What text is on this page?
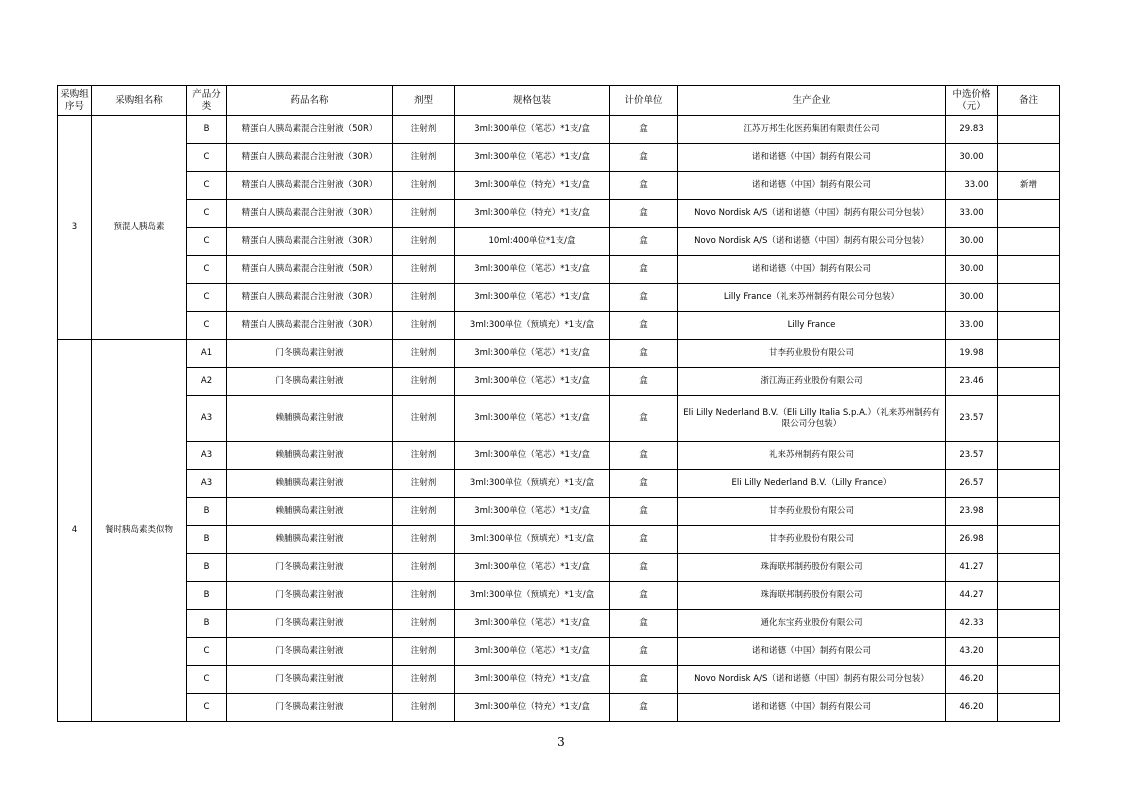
采购组序号	采购组名称	产品分类	药品名称	剂型	规格包装	计价单位	生产企业	中选价格（元）	备注
3	预混人胰岛素	B	精蛋白人胰岛素混合注射液（50R）	注射剂	3ml:300单位（笔芯）*1支/盒	盒	江苏万邦生化医药集团有限责任公司	29.83	
		C	精蛋白人胰岛素混合注射液（30R）	注射剂	3ml:300单位（笔芯）*1支/盒	盒	诺和诺德（中国）制药有限公司	30.00	
		C	精蛋白人胰岛素混合注射液（30R）	注射剂	3ml:300单位（特充）*1支/盒	盒	诺和诺德（中国）制药有限公司	33.00	新增
		C	精蛋白人胰岛素混合注射液（30R）	注射剂	3ml:300单位（特充）*1支/盒	盒	Novo Nordisk A/S（诺和诺德（中国）制药有限公司分包装）	33.00	
		C	精蛋白人胰岛素混合注射液（30R）	注射剂	10ml:400单位*1支/盒	盒	Novo Nordisk A/S（诺和诺德（中国）制药有限公司分包装）	30.00	
		C	精蛋白人胰岛素混合注射液（50R）	注射剂	3ml:300单位（笔芯）*1支/盒	盒	诺和诺德（中国）制药有限公司	30.00	
		C	精蛋白人胰岛素混合注射液（30R）	注射剂	3ml:300单位（笔芯）*1支/盒	盒	Lilly France（礼来苏州制药有限公司分包装）	30.00	
		C	精蛋白人胰岛素混合注射液（30R）	注射剂	3ml:300单位（预填充）*1支/盒	盒	Lilly France	33.00	
4	餐时胰岛素类似物	A1	门冬胰岛素注射液	注射剂	3ml:300单位（笔芯）*1支/盒	盒	甘李药业股份有限公司	19.98	
		A2	门冬胰岛素注射液	注射剂	3ml:300单位（笔芯）*1支/盒	盒	浙江海正药业股份有限公司	23.46	
		A3	赖脯胰岛素注射液	注射剂	3ml:300单位（笔芯）*1支/盒	盒	Eli Lilly Nederland B.V.（Eli Lilly Italia S.p.A.）（礼来苏州制药有限公司分包装）	23.57	
		A3	赖脯胰岛素注射液	注射剂	3ml:300单位（笔芯）*1支/盒	盒	礼来苏州制药有限公司	23.57	
		A3	赖脯胰岛素注射液	注射剂	3ml:300单位（预填充）*1支/盒	盒	Eli Lilly Nederland B.V.（Lilly France）	26.57	
		B	赖脯胰岛素注射液	注射剂	3ml:300单位（笔芯）*1支/盒	盒	甘李药业股份有限公司	23.98	
		B	赖脯胰岛素注射液	注射剂	3ml:300单位（预填充）*1支/盒	盒	甘李药业股份有限公司	26.98	
		B	门冬胰岛素注射液	注射剂	3ml:300单位（笔芯）*1支/盒	盒	珠海联邦制药股份有限公司	41.27	
		B	门冬胰岛素注射液	注射剂	3ml:300单位（预填充）*1支/盒	盒	珠海联邦制药股份有限公司	44.27	
		B	门冬胰岛素注射液	注射剂	3ml:300单位（笔芯）*1支/盒	盒	通化东宝药业股份有限公司	42.33	
		C	门冬胰岛素注射液	注射剂	3ml:300单位（笔芯）*1支/盒	盒	诺和诺德（中国）制药有限公司	43.20	
		C	门冬胰岛素注射液	注射剂	3ml:300单位（特充）*1支/盒	盒	Novo Nordisk A/S（诺和诺德（中国）制药有限公司分包装）	46.20	
		C	门冬胰岛素注射液	注射剂	3ml:300单位（特充）*1支/盒	盒	诺和诺德（中国）制药有限公司	46.20	
3
